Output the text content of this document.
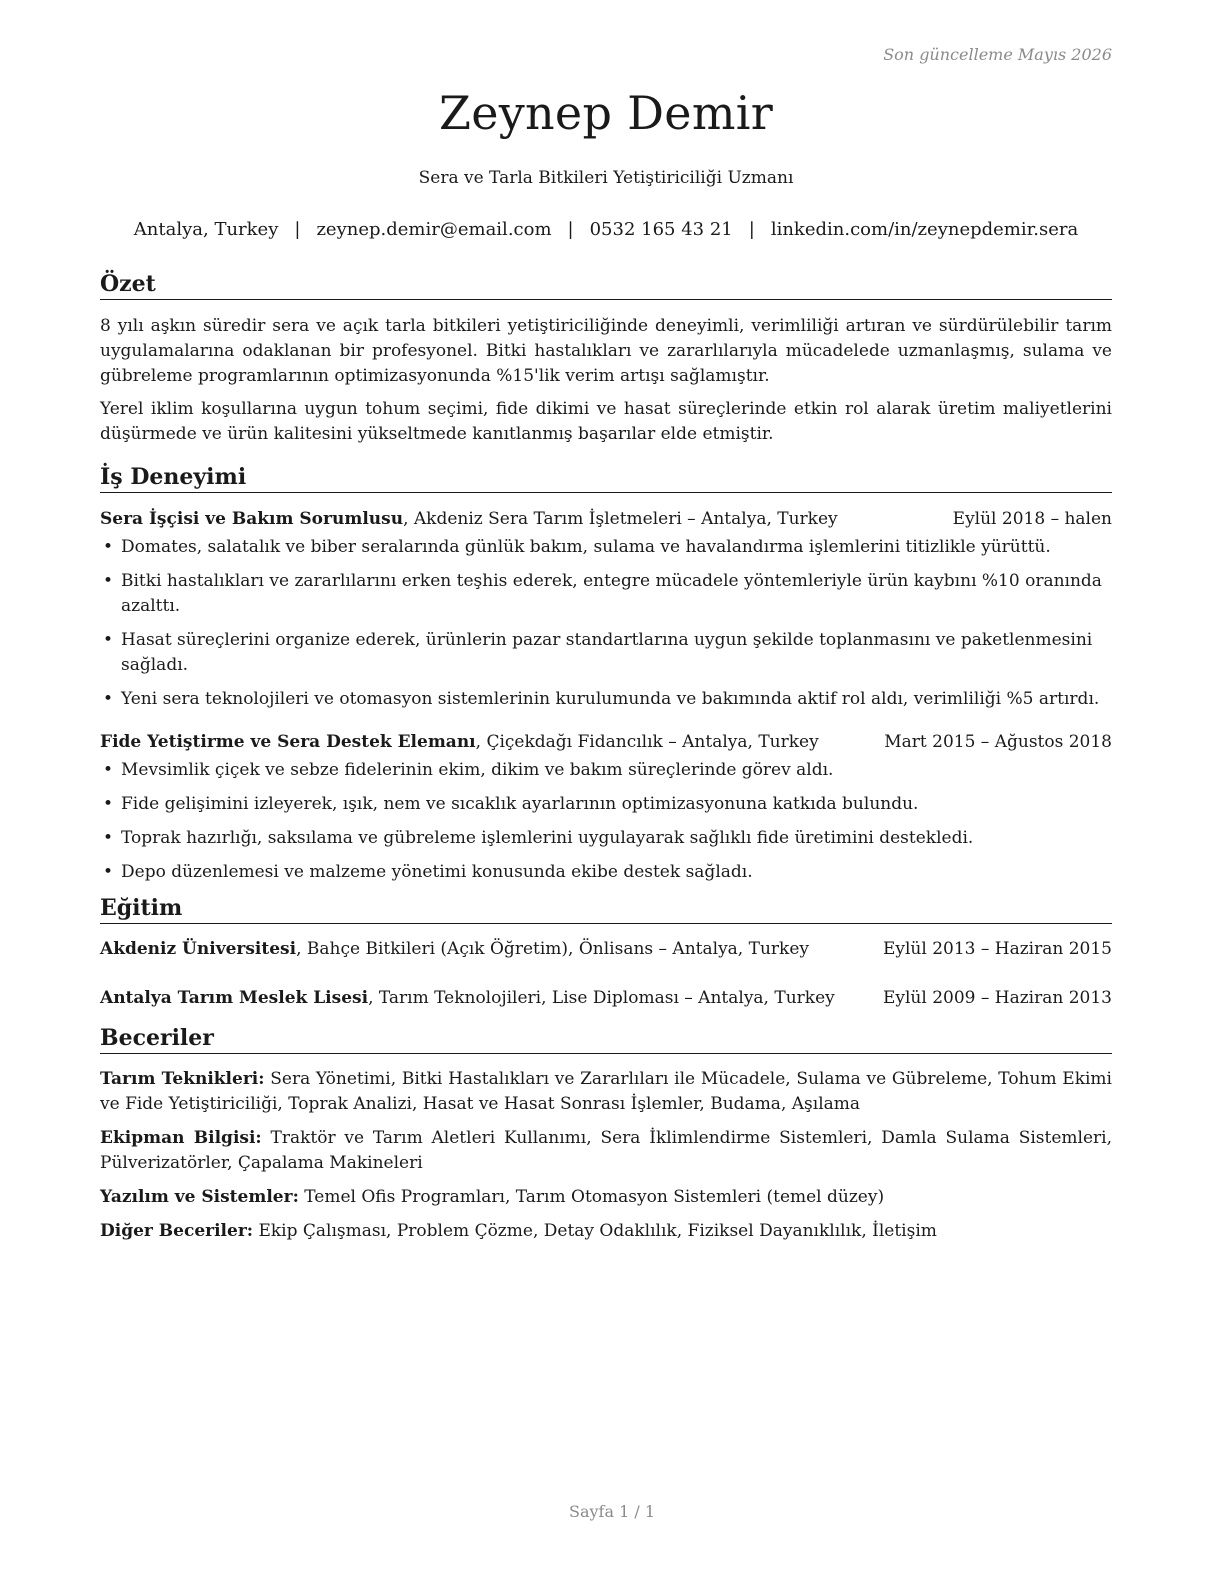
Son güncelleme Mayıs 2026
Zeynep Demir
Sera ve Tarla Bitkileri Yetiştiriciliği Uzmanı
Antalya, Turkey | zeynep.demir@email.com | 0532 165 43 21 | linkedin.com/in/zeynepdemir.sera
Özet

8 yılı aşkın süredir sera ve açık tarla bitkileri yetiştiriciliğinde deneyimli, verimliliği artıran ve sürdürülebilir tarım uygulamalarına odaklanan bir profesyonel. Bitki hastalıkları ve zararlılarıyla mücadelede uzmanlaşmış, sulama ve gübreleme programlarının optimizasyonunda %15'lik verim artışı sağlamıştır.

Yerel iklim koşullarına uygun tohum seçimi, fide dikimi ve hasat süreçlerinde etkin rol alarak üretim maliyetlerini düşürmede ve ürün kalitesini yükseltmede kanıtlanmış başarılar elde etmiştir.

İş Deneyimi
Sera İşçisi ve Bakım Sorumlusu, Akdeniz Sera Tarım İşletmeleri – Antalya, Turkey	Eylül 2018 – halen
• Domates, salatalık ve biber seralarında günlük bakım, sulama ve havalandırma işlemlerini titizlikle yürüttü.
• Bitki hastalıkları ve zararlılarını erken teşhis ederek, entegre mücadele yöntemleriyle ürün kaybını %10 oranında azalttı.
• Hasat süreçlerini organize ederek, ürünlerin pazar standartlarına uygun şekilde toplanmasını ve paketlenmesini sağladı.
• Yeni sera teknolojileri ve otomasyon sistemlerinin kurulumunda ve bakımında aktif rol aldı, verimliliği %5 artırdı.
Fide Yetiştirme ve Sera Destek Elemanı, Çiçekdağı Fidancılık – Antalya, Turkey	Mart 2015 – Ağustos 2018
• Mevsimlik çiçek ve sebze fidelerinin ekim, dikim ve bakım süreçlerinde görev aldı.
• Fide gelişimini izleyerek, ışık, nem ve sıcaklık ayarlarının optimizasyonuna katkıda bulundu.
• Toprak hazırlığı, saksılama ve gübreleme işlemlerini uygulayarak sağlıklı fide üretimini destekledi.
• Depo düzenlemesi ve malzeme yönetimi konusunda ekibe destek sağladı.
Eğitim
Akdeniz Üniversitesi, Bahçe Bitkileri (Açık Öğretim), Önlisans – Antalya, Turkey	Eylül 2013 – Haziran 2015
Antalya Tarım Meslek Lisesi, Tarım Teknolojileri, Lise Diploması – Antalya, Turkey	Eylül 2009 – Haziran 2013
Beceriler
Tarım Teknikleri: Sera Yönetimi, Bitki Hastalıkları ve Zararlıları ile Mücadele, Sulama ve Gübreleme, Tohum Ekimi ve Fide Yetiştiriciliği, Toprak Analizi, Hasat ve Hasat Sonrası İşlemler, Budama, Aşılama
Ekipman Bilgisi: Traktör ve Tarım Aletleri Kullanımı, Sera İklimlendirme Sistemleri, Damla Sulama Sistemleri, Pülverizatörler, Çapalama Makineleri
Yazılım ve Sistemler: Temel Ofis Programları, Tarım Otomasyon Sistemleri (temel düzey)
Diğer Beceriler: Ekip Çalışması, Problem Çözme, Detay Odaklılık, Fiziksel Dayanıklılık, İletişim
Sayfa 1 / 1
